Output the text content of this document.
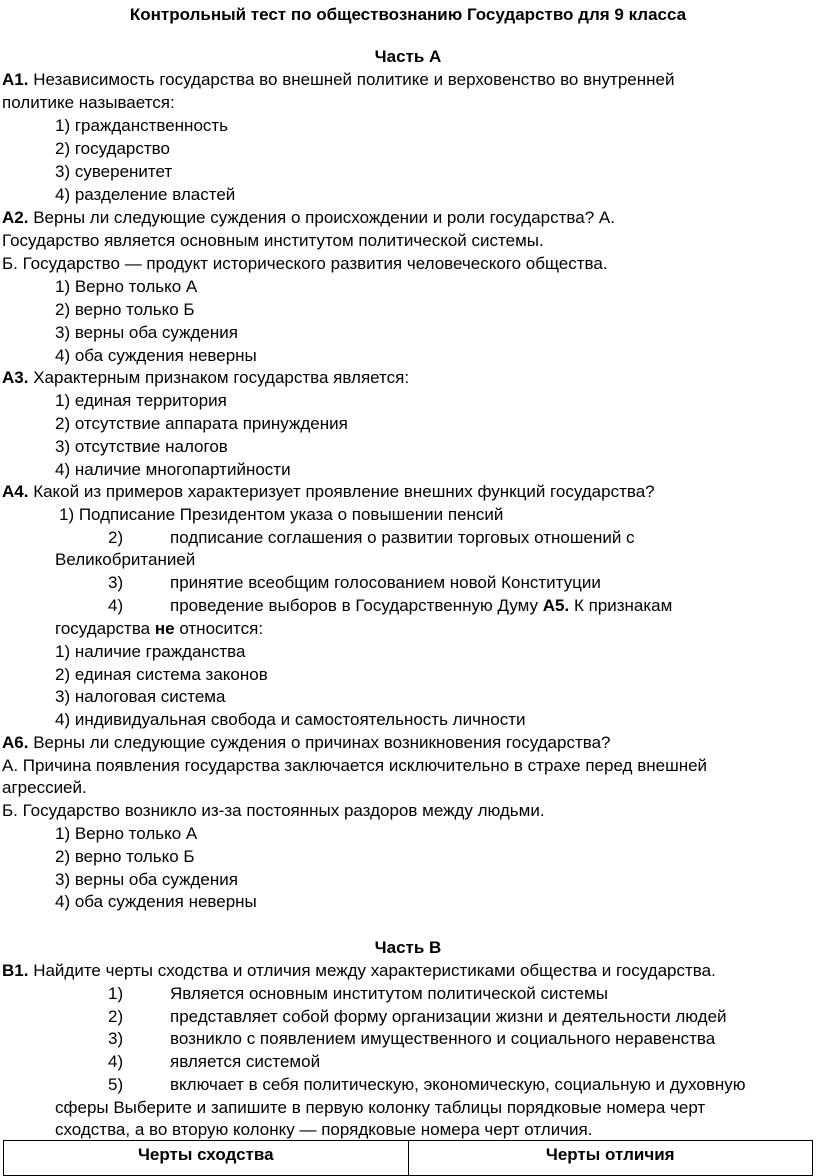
Контрольный тест по обществознанию Государство для 9 класса
Часть А
А1. Независимость государства во внешней политике и верховенство во внутренней
политике называется:
1) гражданственность
2) государство
3) суверенитет
4) разделение властей
А2. Верны ли следующие суждения о происхождении и роли государства? А.
Государство является основным институтом политической системы.
Б. Государство — продукт исторического развития человеческого общества.
1) Верно только А
2) верно только Б
3) верны оба суждения
4) оба суждения неверны
А3. Характерным признаком государства является:
1) единая территория
2) отсутствие аппарата принуждения
3) отсутствие налогов
4) наличие многопартийности
А4. Какой из примеров характеризует проявление внешних функций государства?
1) Подписание Президентом указа о повышении пенсий
2)	подписание соглашения о развитии торговых отношений с
Великобританией
3)	принятие всеобщим голосованием новой Конституции
4)	проведение выборов в Государственную Думу А5. К признакам
государства не относится:
1) наличие гражданства
2) единая система законов
3) налоговая система
4) индивидуальная свобода и самостоятельность личности
А6. Верны ли следующие суждения о причинах возникновения государства?
А. Причина появления государства заключается исключительно в страхе перед внешней
агрессией.
Б. Государство возникло из-за постоянных раздоров между людьми.
1) Верно только А
2) верно только Б
3) верны оба суждения
4) оба суждения неверны
Часть В
В1. Найдите черты сходства и отличия между характеристиками общества и государства.
1)	Является основным институтом политической системы
2)	представляет собой форму организации жизни и деятельности людей
3)	возникло с появлением имущественного и социального неравенства
4)	является системой
5)	включает в себя политическую, экономическую, социальную и духовную
сферы Выберите и запишите в первую колонку таблицы порядковые номера черт
сходства, а во вторую колонку — порядковые номера черт отличия.
Черты сходства	Черты отличия
